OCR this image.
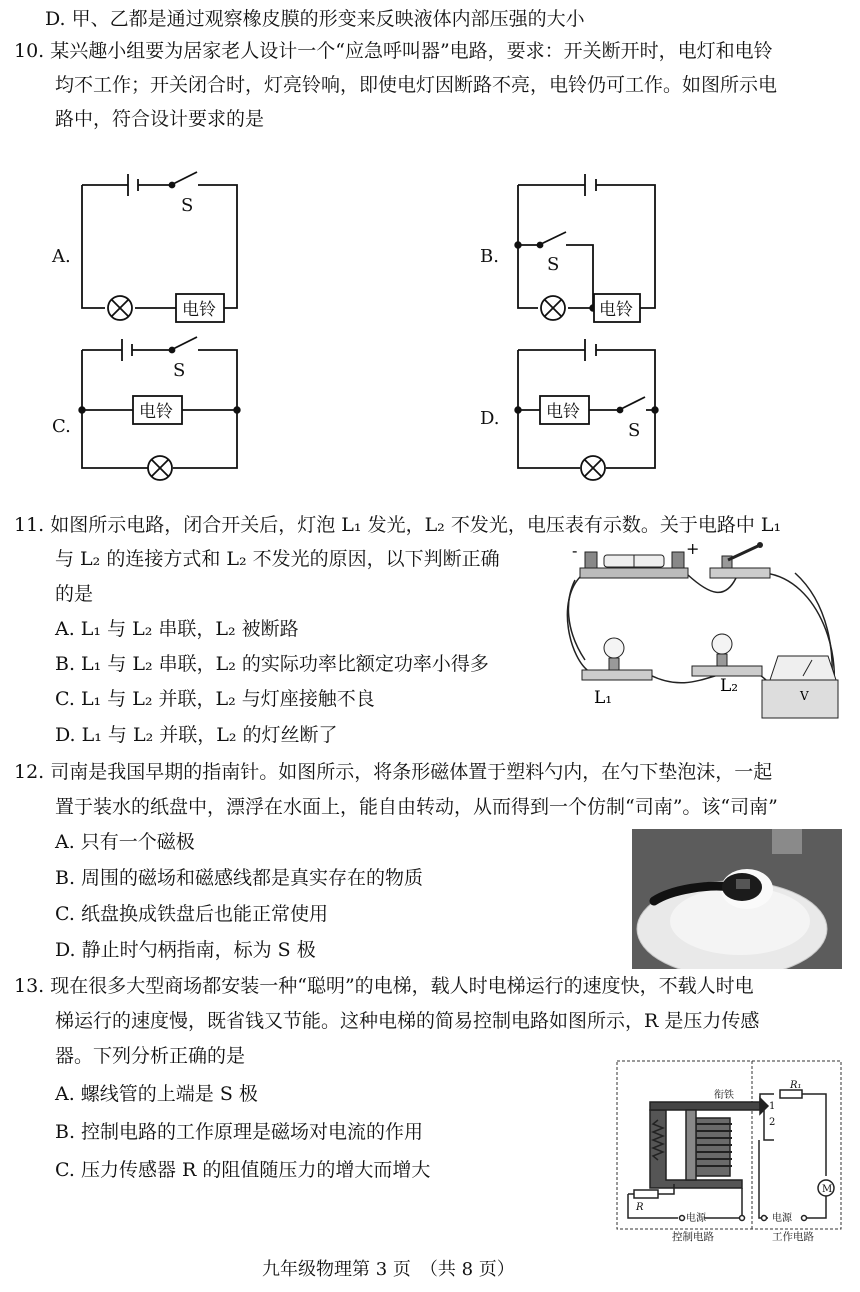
D. 甲、乙都是通过观察橡皮膜的形变来反映液体内部压强的大小
10. 某兴趣小组要为居家老人设计一个“应急呼叫器”电路，要求：开关断开时，电灯和电铃
均不工作；开关闭合时，灯亮铃响，即使电灯因断路不亮，电铃仍可工作。如图所示电
路中，符合设计要求的是
A.	B.
C.	D.
S
S
S
S
电铃	电铃
电铃	电铃
11. 如图所示电路，闭合开关后，灯泡 L₁ 发光，L₂ 不发光，电压表有示数。关于电路中 L₁
与 L₂ 的连接方式和 L₂ 不发光的原因，以下判断正确
的是
A. L₁ 与 L₂ 串联，L₂ 被断路
B. L₁ 与 L₂ 串联，L₂ 的实际功率比额定功率小得多
C. L₁ 与 L₂ 并联，L₂ 与灯座接触不良
D. L₁ 与 L₂ 并联，L₂ 的灯丝断了
-	+
L₁
L₂	V
12. 司南是我国早期的指南针。如图所示，将条形磁体置于塑料勺内，在勺下垫泡沫，一起
置于装水的纸盘中，漂浮在水面上，能自由转动，从而得到一个仿制“司南”。该“司南”
A. 只有一个磁极
B. 周围的磁场和磁感线都是真实存在的物质
C. 纸盘换成铁盘后也能正常使用
D. 静止时勺柄指南，标为 S 极
13. 现在很多大型商场都安装一种“聪明”的电梯，载人时电梯运行的速度快，不载人时电
梯运行的速度慢，既省钱又节能。这种电梯的简易控制电路如图所示，R 是压力传感
器。下列分析正确的是
A. 螺线管的上端是 S 极
B. 控制电路的工作原理是磁场对电流的作用
C. 压力传感器 R 的阻值随压力的增大而增大
衔铁
R
R₁
1
2
M
电源	电源
控制电路	工作电路
九年级物理第 3 页　（共 8 页）
